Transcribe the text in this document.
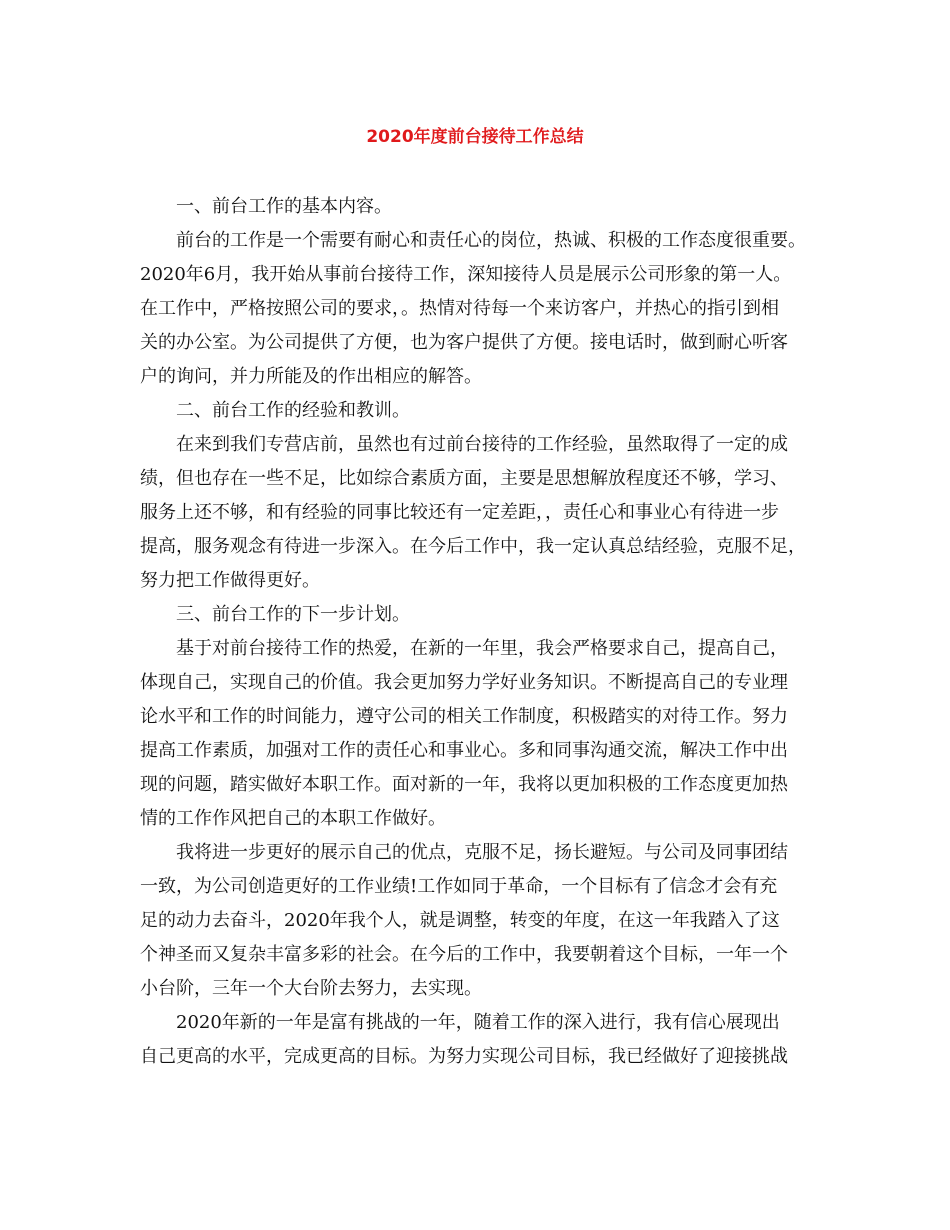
2020年度前台接待工作总结

一、前台工作的基本内容。

前台的工作是一个需要有耐心和责任心的岗位，热诚、积极的工作态度很重要。
2020年6月，我开始从事前台接待工作，深知接待人员是展示公司形象的第一人。
在工作中，严格按照公司的要求，。热情对待每一个来访客户，并热心的指引到相
关的办公室。为公司提供了方便，也为客户提供了方便。接电话时，做到耐心听客
户的询问，并力所能及的作出相应的解答。

二、前台工作的经验和教训。

在来到我们专营店前，虽然也有过前台接待的工作经验，虽然取得了一定的成
绩，但也存在一些不足，比如综合素质方面，主要是思想解放程度还不够，学习、
服务上还不够，和有经验的同事比较还有一定差距，，责任心和事业心有待进一步
提高，服务观念有待进一步深入。在今后工作中，我一定认真总结经验，克服不足，
努力把工作做得更好。

三、前台工作的下一步计划。

基于对前台接待工作的热爱，在新的一年里，我会严格要求自己，提高自己，
体现自己，实现自己的价值。我会更加努力学好业务知识。不断提高自己的专业理
论水平和工作的时间能力，遵守公司的相关工作制度，积极踏实的对待工作。努力
提高工作素质，加强对工作的责任心和事业心。多和同事沟通交流，解决工作中出
现的问题，踏实做好本职工作。面对新的一年，我将以更加积极的工作态度更加热
情的工作作风把自己的本职工作做好。

我将进一步更好的展示自己的优点，克服不足，扬长避短。与公司及同事团结
一致，为公司创造更好的工作业绩!工作如同于革命，一个目标有了信念才会有充
足的动力去奋斗，2020年我个人，就是调整，转变的年度，在这一年我踏入了这
个神圣而又复杂丰富多彩的社会。在今后的工作中，我要朝着这个目标，一年一个
小台阶，三年一个大台阶去努力，去实现。

2020年新的一年是富有挑战的一年，随着工作的深入进行，我有信心展现出
自己更高的水平，完成更高的目标。为努力实现公司目标，我已经做好了迎接挑战
